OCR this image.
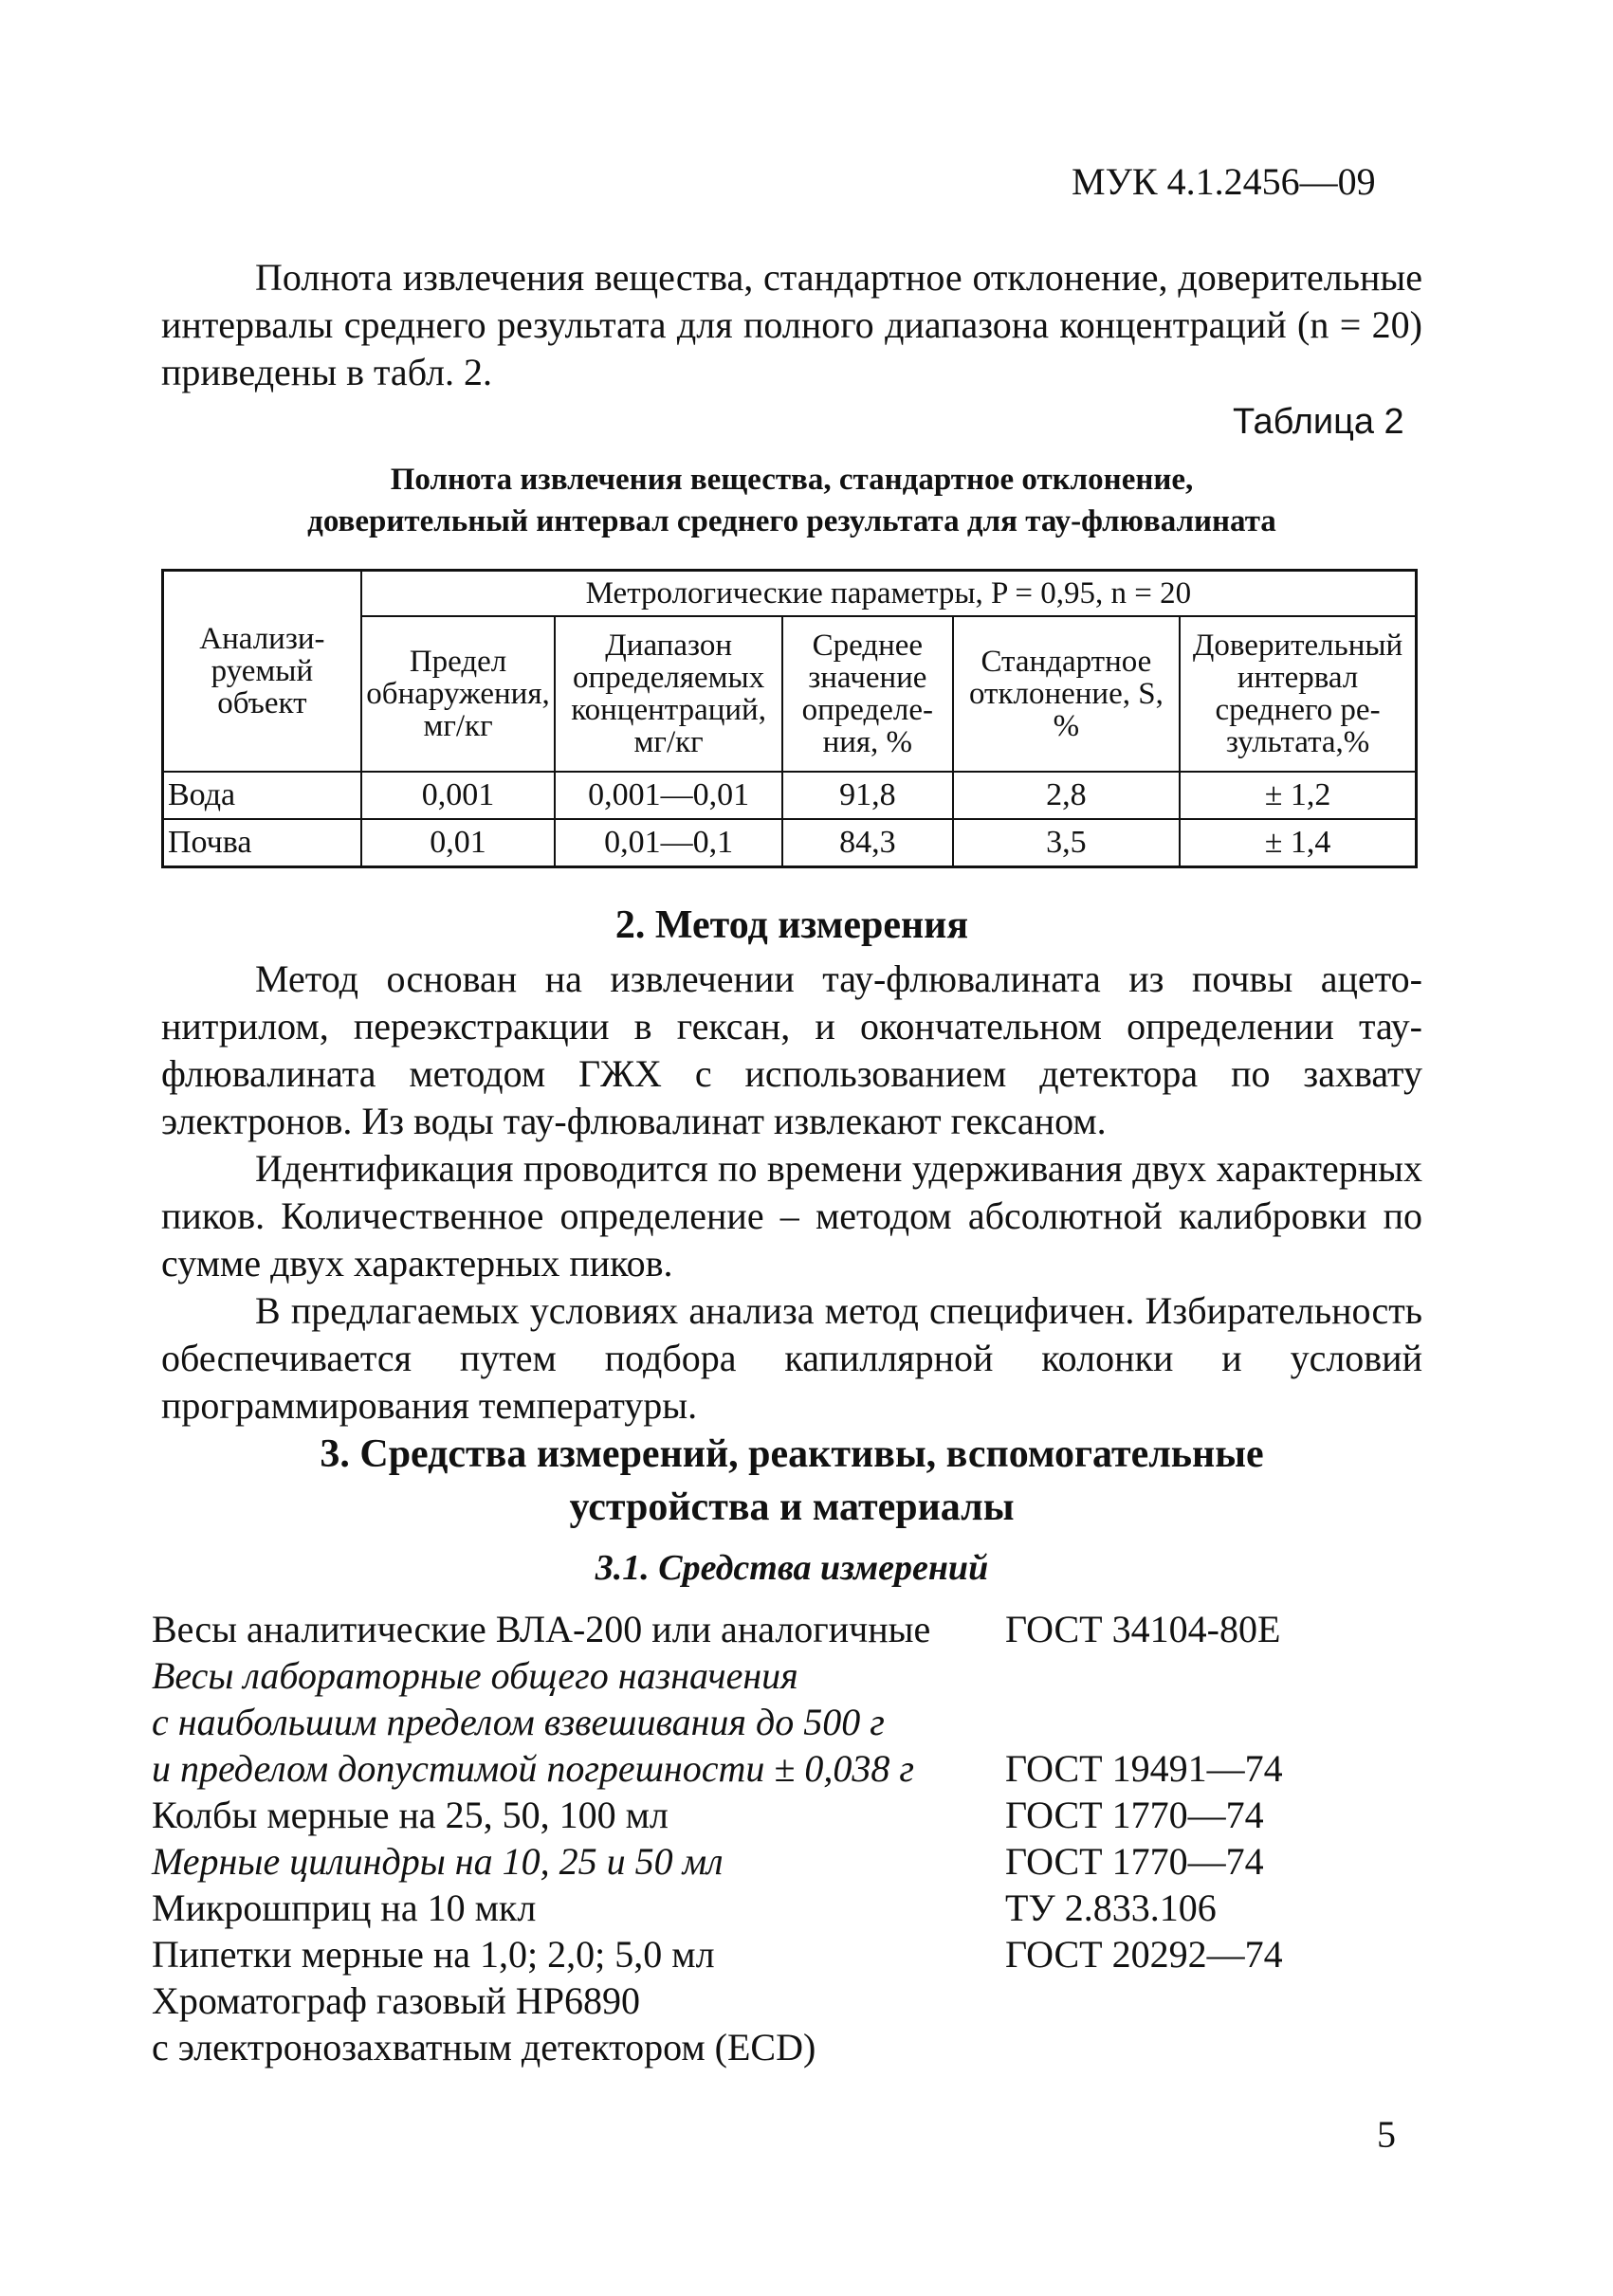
МУК 4.1.2456—09
Полнота извлечения вещества, стандартное отклонение, доверительные интервалы среднего результата для полного диапазона концентраций (n = 20) приведены в табл. 2.
Таблица 2
Полнота извлечения вещества, стандартное отклонение,
доверительный интервал среднего результата для тау-флювалината
Анализируемый объект	Метрологические параметры, P = 0,95, n = 20				
	Предел обнаружения, мг/кг	Диапазон определяемых концентраций, мг/кг	Среднее значение определения, %	Стандартное отклонение, S, %	Доверительный интервал среднего результата,%
Вода	0,001	0,001—0,01	91,8	2,8	± 1,2
Почва	0,01	0,01—0,1	84,3	3,5	± 1,4
2. Метод измерения
Метод основан на извлечении тау-флювалината из почвы ацетонитрилом, переэкстракции в гексан, и окончательном определении тау-флювалината методом ГЖХ с использованием детектора по захвату электронов. Из воды тау-флювалинат извлекают гексаном.
Идентификация проводится по времени удерживания двух характерных пиков. Количественное определение – методом абсолютной калибровки по сумме двух характерных пиков.
В предлагаемых условиях анализа метод специфичен. Избирательность обеспечивается путем подбора капиллярной колонки и условий программирования температуры.
3. Средства измерений, реактивы, вспомогательные
устройства и материалы
3.1. Средства измерений
Весы аналитические ВЛА-200 или аналогичные ГОСТ 34104-80Е
Весы лабораторные общего назначения
с наибольшим пределом взвешивания до 500 г
и пределом допустимой погрешности ± 0,038 г ГОСТ 19491—74
Колбы мерные на 25, 50, 100 мл	ГОСТ 1770—74
Мерные цилиндры на 10, 25 и 50 мл	ГОСТ 1770—74
Микрошприц на 10 мкл	ТУ 2.833.106
Пипетки мерные на 1,0; 2,0; 5,0 мл	ГОСТ 20292—74
Хроматограф газовый НР6890
с электронозахватным детектором (ECD)
5
